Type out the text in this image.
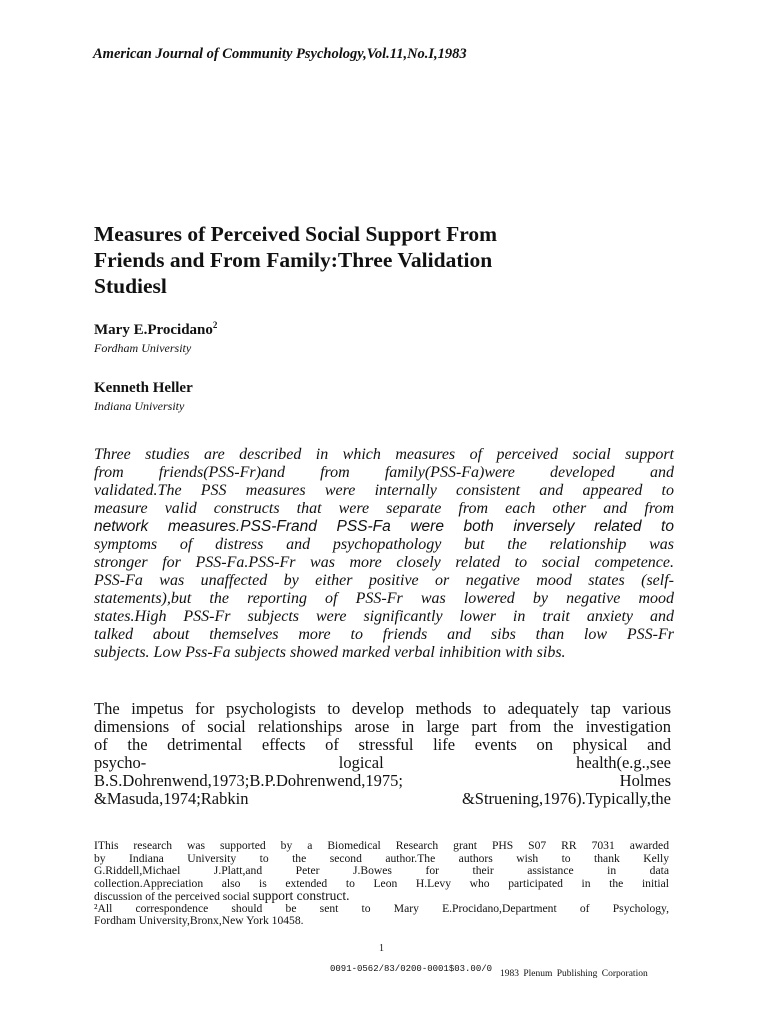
American Journal of Community Psychology,Vol.11,No.I,1983
Measures of Perceived Social Support From
Friends and From Family:Three Validation
Studiesl
Mary E.Procidano$^2$
Fordham University
Kenneth Heller
Indiana University
Three studies are described in which measures of perceived social support
from friends(PSS-Fr)and from family(PSS-Fa)were developed and
validated.The PSS measures were internally consistent and appeared to
measure valid constructs that were separate from each other and from
network measures.PSS-Frand PSS-Fa were both inversely related to
symptoms of distress and psychopathology but the relationship was
stronger for PSS-Fa.PSS-Fr was more closely related to social competence.
PSS-Fa was unaffected by either positive or negative mood states (self-
statements),but the reporting of PSS-Fr was lowered by negative mood
states.High PSS-Fr subjects were significantly lower in trait anxiety and
talked about themselves more to friends and sibs than low PSS-Fr
subjects. Low Pss-Fa subjects showed marked verbal inhibition with sibs.
The impetus for psychologists to develop methods to adequately tap various
dimensions of social relationships arose in large part from the investigation
of the detrimental effects of stressful life events on physical and
psycho- logical health(e.g.,see
B.S.Dohrenwend,1973;B.P.Dohrenwend,1975; Holmes
&Masuda,1974;Rabkin &Struening,1976).Typically,the
IThis research was supported by a Biomedical Research grant PHS S07 RR 7031 awarded
by Indiana University to the second author.The authors wish to thank Kelly
G.Riddell,Michael J.Platt,and Peter J.Bowes for their assistance in data
collection.Appreciation also is extended to Leon H.Levy who participated in the initial
discussion of the perceived social support construct.
²All correspondence should be sent to Mary E.Procidano,Department of Psychology,
Fordham University,Bronx,New York 10458.
1
0091-0562/83/0200-0001$03.00/0 1983 Plenum Publishing Corporation
